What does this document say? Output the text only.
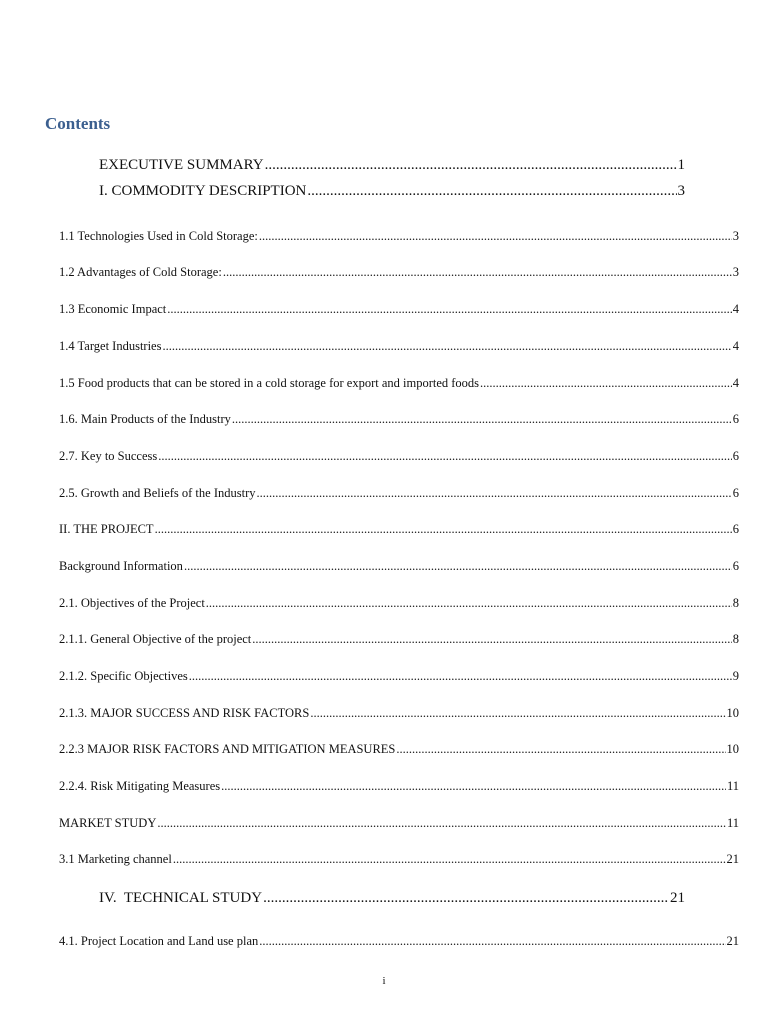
Contents
EXECUTIVE SUMMARY .....	1
I. COMMODITY DESCRIPTION .....	3
1.1 Technologies Used in Cold Storage: .....	3
1.2 Advantages of Cold Storage: .....	3
1.3 Economic Impact .....	4
1.4 Target Industries .....	4
1.5 Food products that can be stored in a cold storage for export and imported foods .....	4
1.6. Main Products of the Industry .....	6
2.7. Key to Success .....	6
2.5. Growth and Beliefs of the Industry .....	6
II. THE PROJECT .....	6
Background Information .....	6
2.1. Objectives of the Project .....	8
2.1.1. General Objective of the project .....	8
2.1.2. Specific Objectives .....	9
2.1.3. MAJOR SUCCESS AND RISK FACTORS .....	10
2.2.3 MAJOR RISK FACTORS AND MITIGATION MEASURES .....	10
2.2.4. Risk Mitigating Measures .....	11
MARKET STUDY .....	11
3.1 Marketing channel .....	21
IV.  TECHNICAL STUDY .....	21
4.1. Project Location and Land use plan .....	21
i
